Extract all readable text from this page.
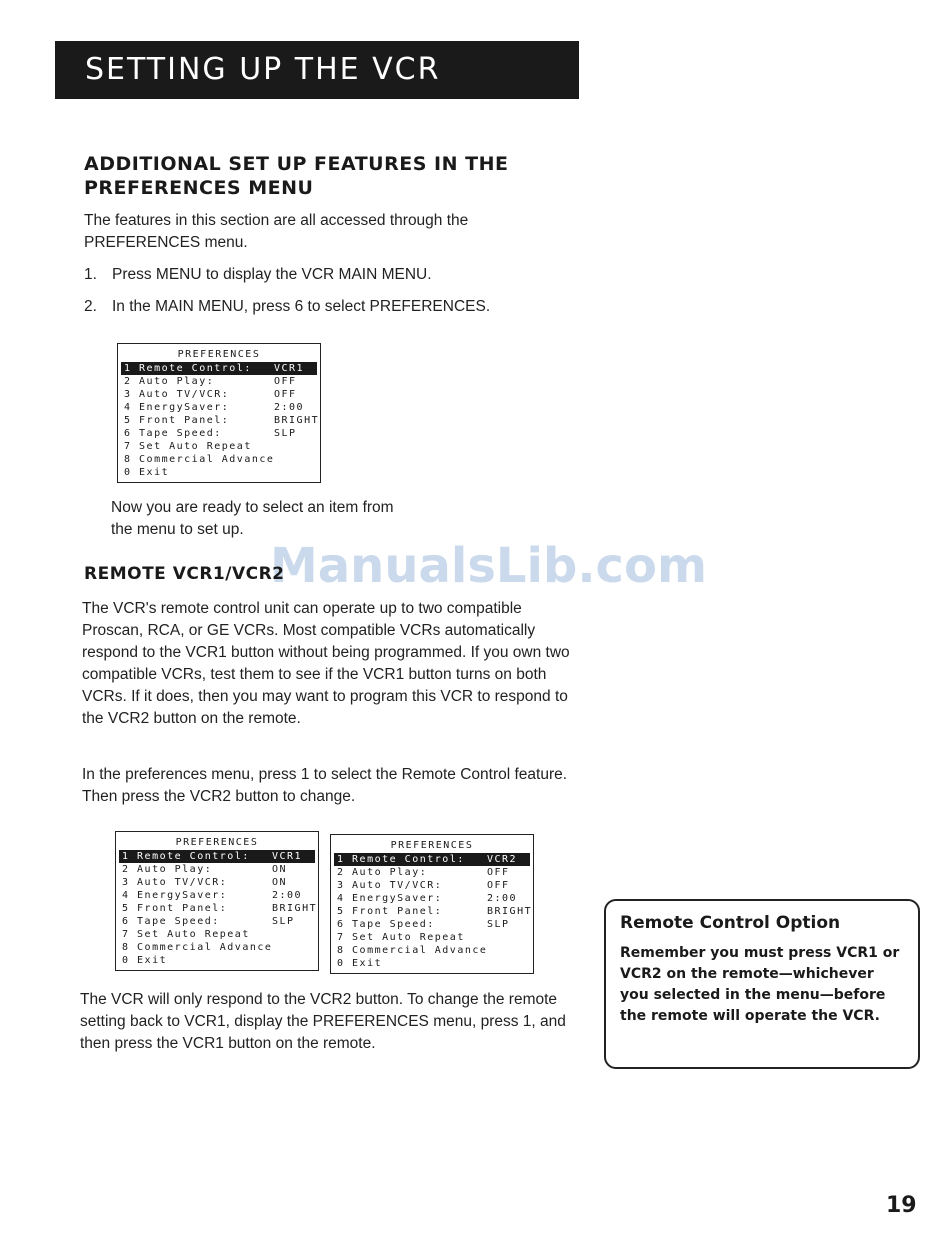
SETTING UP THE VCR
ADDITIONAL SET UP FEATURES IN THE
PREFERENCES MENU
The features in this section are all accessed through the PREFERENCES menu.
1. Press MENU to display the VCR MAIN MENU.
2. In the MAIN MENU, press 6 to select PREFERENCES.
PREFERENCES
1 Remote Control:	VCR1
2 Auto Play:	OFF
3 Auto TV/VCR:	OFF
4 EnergySaver:	2:00
5 Front Panel:	BRIGHT
6 Tape Speed:	SLP
7 Set Auto Repeat
8 Commercial Advance
0 Exit
Now you are ready to select an item from the menu to set up.
ManualsLib.com
REMOTE VCR1/VCR2
The VCR's remote control unit can operate up to two compatible Proscan, RCA, or GE VCRs. Most compatible VCRs automatically respond to the VCR1 button without being programmed. If you own two compatible VCRs, test them to see if the VCR1 button turns on both VCRs. If it does, then you may want to program this VCR to respond to the VCR2 button on the remote.
In the preferences menu, press 1 to select the Remote Control feature. Then press the VCR2 button to change.
PREFERENCES
1 Remote Control:	VCR1
2 Auto Play:	ON
3 Auto TV/VCR:	ON
4 EnergySaver:	2:00
5 Front Panel:	BRIGHT
6 Tape Speed:	SLP
7 Set Auto Repeat
8 Commercial Advance
0 Exit
PREFERENCES
1 Remote Control:	VCR2
2 Auto Play:	OFF
3 Auto TV/VCR:	OFF
4 EnergySaver:	2:00
5 Front Panel:	BRIGHT
6 Tape Speed:	SLP
7 Set Auto Repeat
8 Commercial Advance
0 Exit
The VCR will only respond to the VCR2 button. To change the remote setting back to VCR1, display the PREFERENCES menu, press 1, and then press the VCR1 button on the remote.
Remote Control Option
Remember you must press VCR1 or VCR2 on the remote—whichever you selected in the menu—before the remote will operate the VCR.
19
